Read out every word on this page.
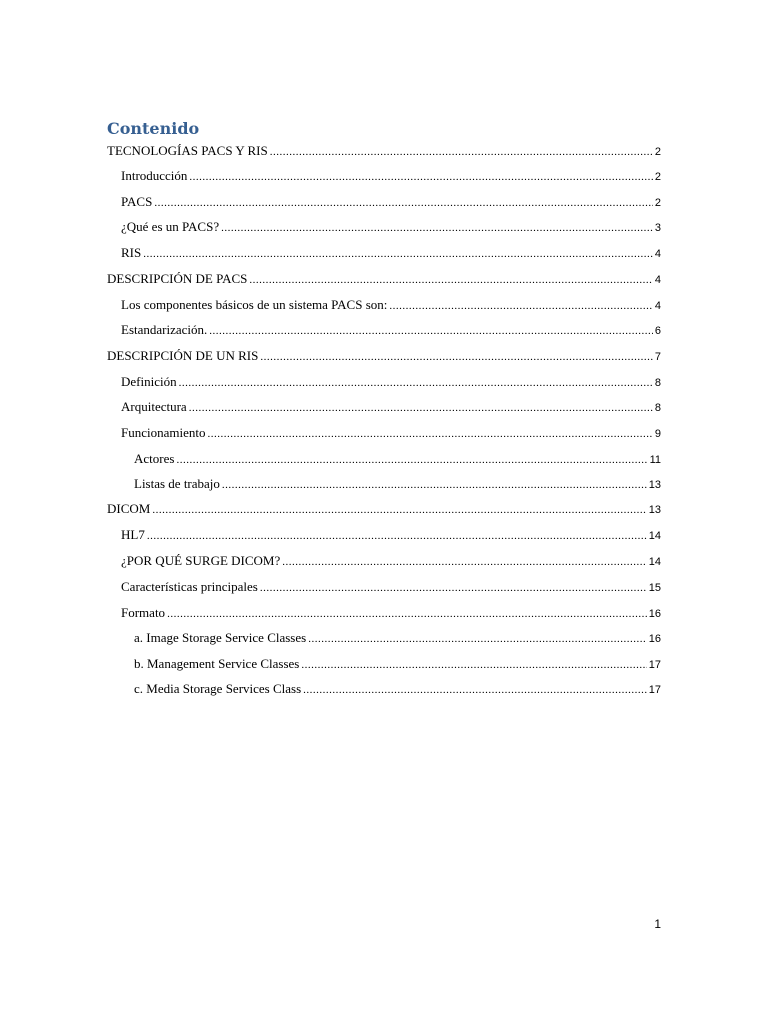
Contenido
TECNOLOGÍAS PACS Y RIS .....	2
Introducción .....	2
PACS .....	2
¿Qué es un PACS? .....	3
RIS .....	4
DESCRIPCIÓN DE PACS .....	4
Los componentes básicos de un sistema PACS son: .....	4
Estandarización. .....	6
DESCRIPCIÓN DE UN RIS .....	7
Definición .....	8
Arquitectura .....	8
Funcionamiento .....	9
Actores .....	11
Listas de trabajo .....	13
DICOM .....	13
HL7 .....	14
¿POR QUÉ SURGE DICOM? .....	14
Características principales .....	15
Formato .....	16
a. Image Storage Service Classes .....	16
b. Management Service Classes .....	17
c. Media Storage Services Class .....	17
1
